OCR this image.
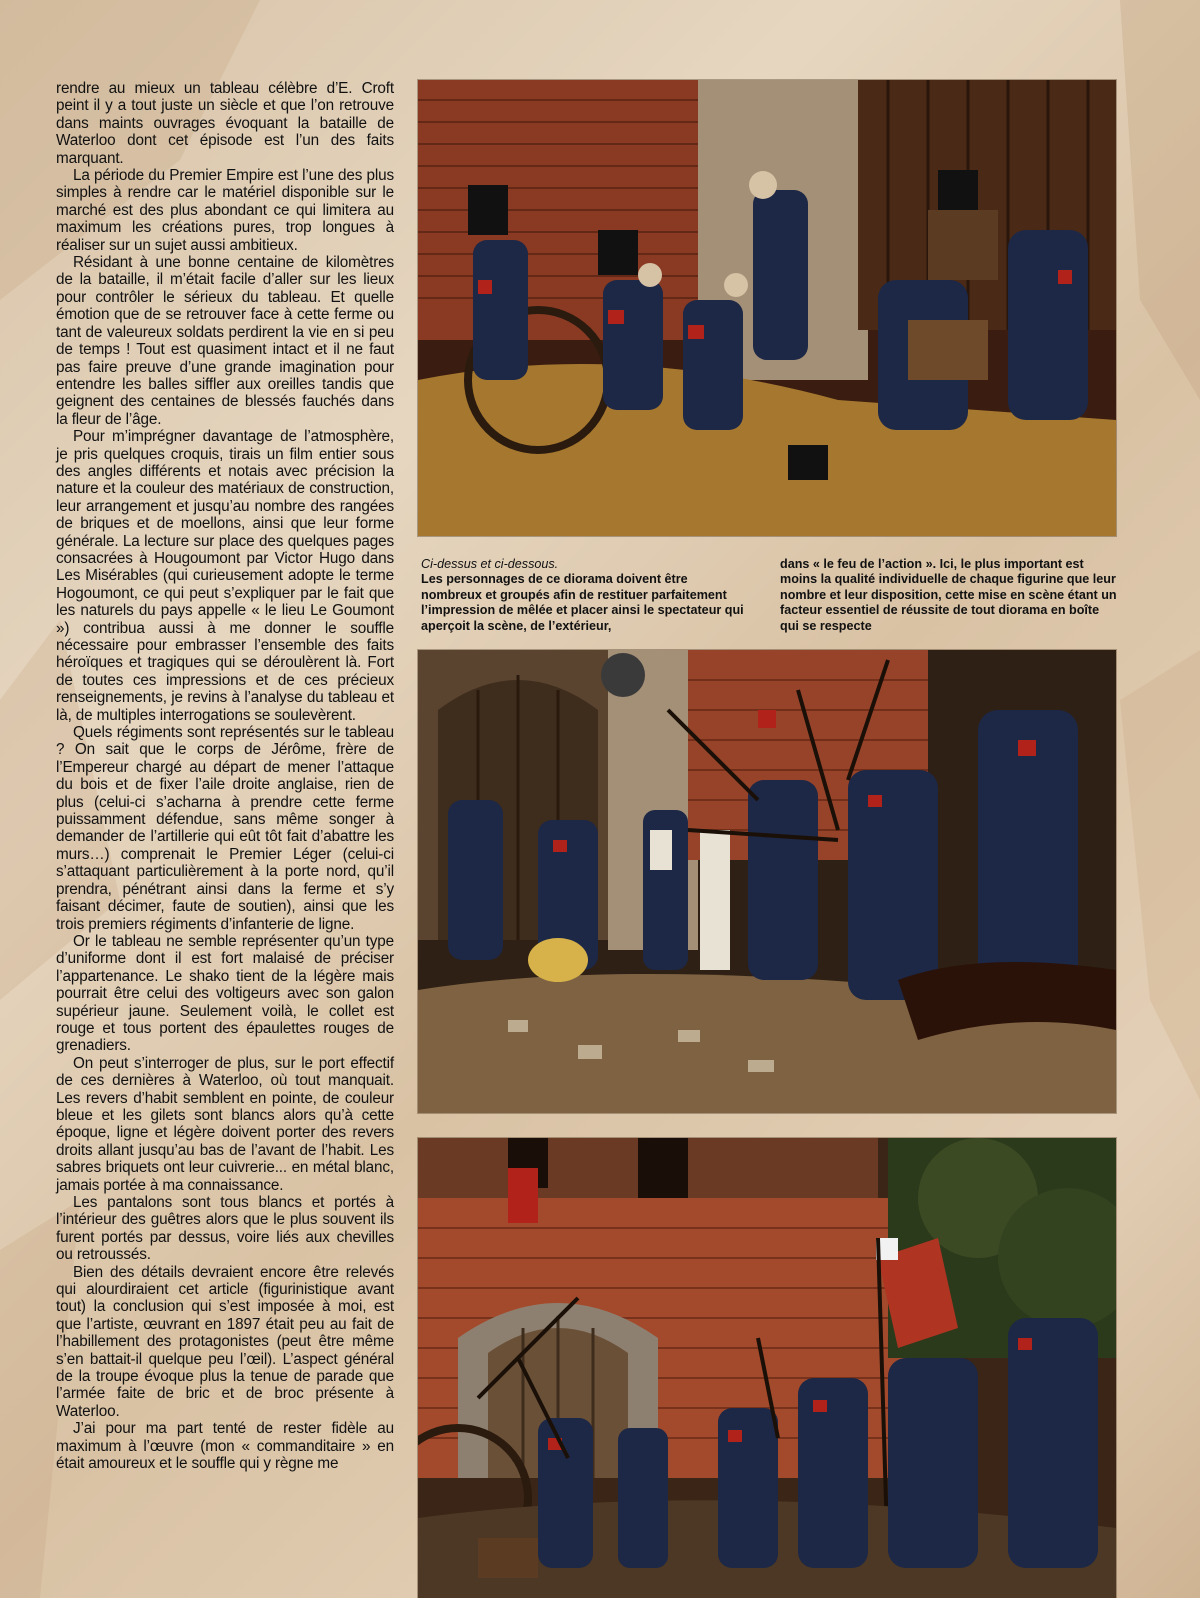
rendre au mieux un tableau célèbre d’E. Croft peint il y a tout juste un siècle et que l’on retrouve dans maints ouvrages évoquant la bataille de Waterloo dont cet épisode est l’un des faits marquant.

La période du Premier Empire est l’une des plus simples à rendre car le matériel disponible sur le marché est des plus abondant ce qui limitera au maximum les créations pures, trop longues à réaliser sur un sujet aussi ambitieux.

Résidant à une bonne centaine de kilomètres de la bataille, il m’était facile d’aller sur les lieux pour contrôler le sérieux du tableau. Et quelle émotion que de se retrouver face à cette ferme ou tant de valeureux soldats perdirent la vie en si peu de temps ! Tout est quasiment intact et il ne faut pas faire preuve d’une grande imagination pour entendre les balles siffler aux oreilles tandis que geignent des centaines de blessés fauchés dans la fleur de l’âge.

Pour m’imprégner davantage de l’atmosphère, je pris quelques croquis, tirais un film entier sous des angles différents et notais avec précision la nature et la couleur des matériaux de construction, leur arrangement et jusqu’au nombre des rangées de briques et de moellons, ainsi que leur forme générale. La lecture sur place des quelques pages consacrées à Hougoumont par Victor Hugo dans Les Misérables (qui curieusement adopte le terme Hogoumont, ce qui peut s’expliquer par le fait que les naturels du pays appelle « le lieu Le Goumont ») contribua aussi à me donner le souffle nécessaire pour embrasser l’ensemble des faits héroïques et tragiques qui se déroulèrent là. Fort de toutes ces impressions et de ces précieux renseignements, je revins à l’analyse du tableau et là, de multiples interrogations se soulevèrent.

Quels régiments sont représentés sur le tableau ? On sait que le corps de Jérôme, frère de l’Empereur chargé au départ de mener l’attaque du bois et de fixer l’aile droite anglaise, rien de plus (celui-ci s’acharna à prendre cette ferme puissamment défendue, sans même songer à demander de l’artillerie qui eût tôt fait d’abattre les murs…) comprenait le Premier Léger (celui-ci s’attaquant particulièrement à la porte nord, qu’il prendra, pénétrant ainsi dans la ferme et s’y faisant décimer, faute de soutien), ainsi que les trois premiers régiments d’infanterie de ligne.

Or le tableau ne semble représenter qu’un type d’uniforme dont il est fort malaisé de préciser l’appartenance. Le shako tient de la légère mais pourrait être celui des voltigeurs avec son galon supérieur jaune. Seulement voilà, le collet est rouge et tous portent des épaulettes rouges de grenadiers.

On peut s’interroger de plus, sur le port effectif de ces dernières à Waterloo, où tout manquait. Les revers d’habit semblent en pointe, de couleur bleue et les gilets sont blancs alors qu’à cette époque, ligne et légère doivent porter des revers droits allant jusqu’au bas de l’avant de l’habit. Les sabres briquets ont leur cuivrerie... en métal blanc, jamais portée à ma connaissance.

Les pantalons sont tous blancs et portés à l’intérieur des guêtres alors que le plus souvent ils furent portés par dessus, voire liés aux chevilles ou retroussés.

Bien des détails devraient encore être relevés qui alourdiraient cet article (figurinistique avant tout) la conclusion qui s’est imposée à moi, est que l’artiste, œuvrant en 1897 était peu au fait de l’habillement des protagonistes (peut être même s’en battait-il quelque peu l’œil). L’aspect général de la troupe évoque plus la tenue de parade que l’armée faite de bric et de broc présente à Waterloo.

J’ai pour ma part tenté de rester fidèle au maximum à l’œuvre (mon « commanditaire » en était amoureux et le souffle qui y règne me

Ci-dessus et ci-dessous.
Les personnages de ce diorama doivent être nombreux et groupés afin de restituer parfaitement l’impression de mêlée et placer ainsi le spectateur qui aperçoit la scène, de l’extérieur,
dans « le feu de l’action ». Ici, le plus important est moins la qualité individuelle de chaque figurine que leur nombre et leur disposition, cette mise en scène étant un facteur essentiel de réussite de tout diorama en boîte qui se respecte
